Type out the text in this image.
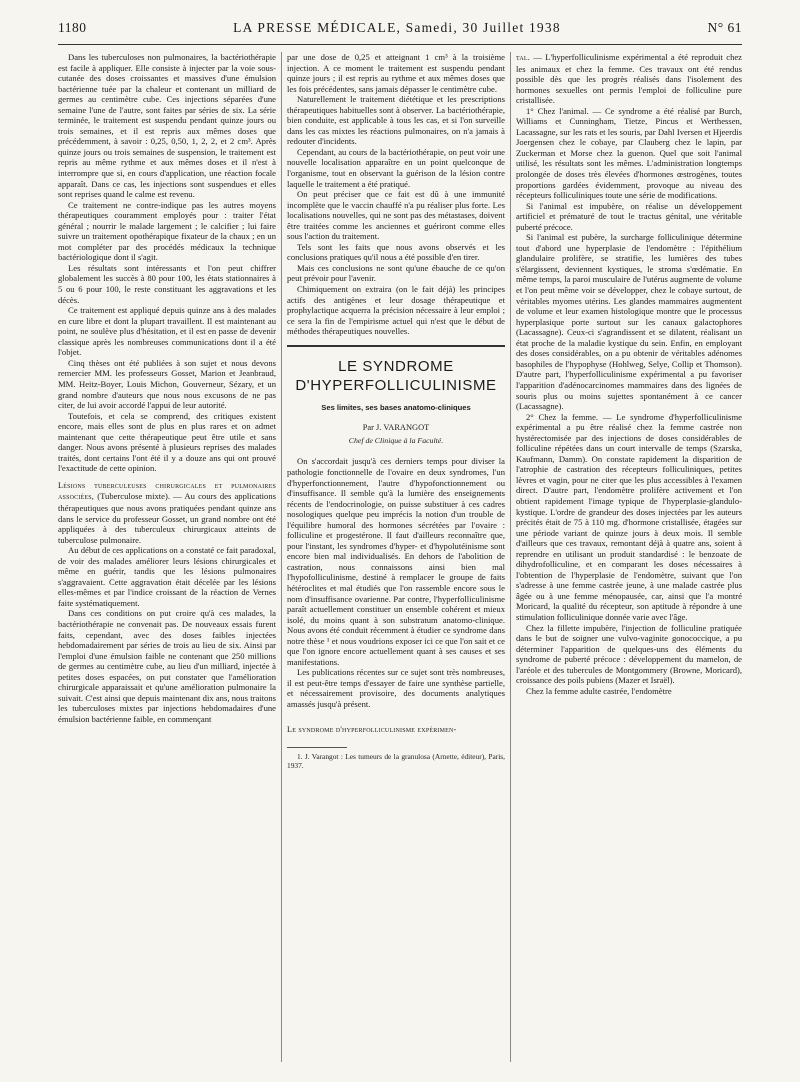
1180	LA PRESSE MÉDICALE, Samedi, 30 Juillet 1938	N° 61

Dans les tuberculoses non pulmonaires, la bactériothérapie est facile à appliquer. Elle consiste à injecter par la voie sous-cutanée des doses croissantes et massives d'une émulsion bactérienne tuée par la chaleur et contenant un milliard de germes au centimètre cube. Ces injections séparées d'une semaine l'une de l'autre, sont faites par séries de six. La série terminée, le traitement est suspendu pendant quinze jours ou trois semaines, et il est repris aux mêmes doses que précédemment, à savoir : 0,25, 0,50, 1, 2, 2, et 2 cm³. Après quinze jours ou trois semaines de suspension, le traitement est repris au même rythme et aux mêmes doses et il n'est à interrompre que si, en cours d'application, une réaction focale apparaît. Dans ce cas, les injections sont suspendues et elles sont reprises quand le calme est revenu.

Ce traitement ne contre-indique pas les autres moyens thérapeutiques couramment employés pour : traiter l'état général ; nourrir le malade largement ; le calcifier ; lui faire suivre un traitement opothérapique fixateur de la chaux ; en un mot compléter par des procédés médicaux la technique bactériologique dont il s'agit.

Les résultats sont intéressants et l'on peut chiffrer globalement les succès à 80 pour 100, les états stationnaires à 5 ou 6 pour 100, le reste constituant les aggravations et les décès.

Ce traitement est appliqué depuis quinze ans à des malades en cure libre et dont la plupart travaillent. Il est maintenant au point, ne soulève plus d'hésitation, et il est en passe de devenir classique après les nombreuses communications dont il a été l'objet.

Cinq thèses ont été publiées à son sujet et nous devons remercier MM. les professeurs Gosset, Marion et Jeanbraud, MM. Heitz-Boyer, Louis Michon, Gouverneur, Sézary, et un grand nombre d'auteurs que nous nous excusons de ne pas citer, de lui avoir accordé l'appui de leur autorité.

Toutefois, et cela se comprend, des critiques existent encore, mais elles sont de plus en plus rares et on admet maintenant que cette thérapeutique peut être utile et sans danger. Nous avons présenté à plusieurs reprises des malades traités, dont certains l'ont été il y a douze ans qui ont prouvé l'exactitude de cette opinion.

Lésions tuberculeuses chirurgicales et pulmonaires associées, (Tuberculose mixte). — Au cours des applications thérapeutiques que nous avons pratiquées pendant quinze ans dans le service du professeur Gosset, un grand nombre ont été appliquées à des tuberculeux chirurgicaux atteints de tuberculose pulmonaire.

Au début de ces applications on a constaté ce fait paradoxal, de voir des malades améliorer leurs lésions chirurgicales et même en guérir, tandis que les lésions pulmonaires s'aggravaient. Cette aggravation était décelée par les lésions elles-mêmes et par l'indice croissant de la réaction de Vernes faite systématiquement.

Dans ces conditions on put croire qu'à ces malades, la bactériothérapie ne convenait pas. De nouveaux essais furent faits, cependant, avec des doses faibles injectées hebdomadairement par séries de trois au lieu de six. Ainsi par l'emploi d'une émulsion faible ne contenant que 250 millions de germes au centimètre cube, au lieu d'un milliard, injectée à petites doses espacées, on put constater que l'amélioration chirurgicale apparaissait et qu'une amélioration pulmonaire la suivait. C'est ainsi que depuis maintenant dix ans, nous traitons les tuberculoses mixtes par injections hebdomadaires d'une émulsion bactérienne faible, en commençant

par une dose de 0,25 et atteignant 1 cm³ à la troisième injection. A ce moment le traitement est suspendu pendant quinze jours ; il est repris au rythme et aux mêmes doses que les fois précédentes, sans jamais dépasser le centimètre cube.

Naturellement le traitement diététique et les prescriptions thérapeutiques habituelles sont à observer. La bactériothérapie, bien conduite, est applicable à tous les cas, et si l'on surveille dans les cas mixtes les réactions pulmonaires, on n'a jamais à redouter d'incidents.

Cependant, au cours de la bactériothérapie, on peut voir une nouvelle localisation apparaître en un point quelconque de l'organisme, tout en observant la guérison de la lésion contre laquelle le traitement a été pratiqué.

On peut préciser que ce fait est dû à une immunité incomplète que le vaccin chauffé n'a pu réaliser plus forte. Les localisations nouvelles, qui ne sont pas des métastases, doivent être traitées comme les anciennes et guériront comme elles sous l'action du traitement.

Tels sont les faits que nous avons observés et les conclusions pratiques qu'il nous a été possible d'en tirer.

Mais ces conclusions ne sont qu'une ébauche de ce qu'on peut prévoir pour l'avenir.

Chimiquement on extraira (on le fait déjà) les principes actifs des antigènes et leur dosage thérapeutique et prophylactique acquerra la précision nécessaire à leur emploi ; ce sera la fin de l'empirisme actuel qui n'est que le début de méthodes thérapeutiques nouvelles.

LE SYNDROME
D'HYPERFOLLICULINISME
Ses limites, ses bases anatomo-cliniques
Par J. VARANGOT
Chef de Clinique à la Faculté.

On s'accordait jusqu'à ces derniers temps pour diviser la pathologie fonctionnelle de l'ovaire en deux syndromes, l'un d'hyperfonctionnement, l'autre d'hypofonctionnement ou d'insuffisance. Il semble qu'à la lumière des enseignements récents de l'endocrinologie, on puisse substituer à ces cadres nosologiques quelque peu imprécis la notion d'un trouble de l'équilibre humoral des hormones sécrétées par l'ovaire : folliculine et progestérone. Il faut d'ailleurs reconnaître que, pour l'instant, les syndromes d'hyper- et d'hypolutéinisme sont encore bien mal individualisés. En dehors de l'abolition de castration, nous connaissons ainsi bien mal l'hypofolliculinisme, destiné à remplacer le groupe de faits hétéroclites et mal étudiés que l'on rassemble encore sous le nom d'insuffisance ovarienne. Par contre, l'hyperfolliculinisme paraît actuellement constituer un ensemble cohérent et mieux isolé, du moins quant à son substratum anatomo-clinique. Nous avons été conduit récemment à étudier ce syndrome dans notre thèse ¹ et nous voudrions exposer ici ce que l'on sait et ce que l'on ignore encore actuellement quant à ses causes et ses manifestations.

Les publications récentes sur ce sujet sont très nombreuses, il est peut-être temps d'essayer de faire une synthèse partielle, et nécessairement provisoire, des documents analytiques amassés jusqu'à présent.

Le syndrome d'hyperfolliculinisme expérimen-

1. J. Varangot : Les tumeurs de la granulosa (Arnette, éditeur), Paris, 1937.

tal. — L'hyperfolliculinisme expérimental a été reproduit chez les animaux et chez la femme. Ces travaux ont été rendus possible dès que les progrès réalisés dans l'isolement des hormones sexuelles ont permis l'emploi de folliculine pure cristallisée.

1° Chez l'animal. — Ce syndrome a été réalisé par Burch, Williams et Cunningham, Tietze, Pincus et Werthessen, Lacassagne, sur les rats et les souris, par Dahl Iversen et Hjeerdis Joergensen chez le cobaye, par Clauberg chez le lapin, par Zuckerman et Morse chez la guenon. Quel que soit l'animal utilisé, les résultats sont les mêmes. L'administration longtemps prolongée de doses très élevées d'hormones œstrogènes, toutes proportions gardées évidemment, provoque au niveau des récepteurs folliculiniques toute une série de modifications.

Si l'animal est impubère, on réalise un développement artificiel et prématuré de tout le tractus génital, une véritable puberté précoce.

Si l'animal est pubère, la surcharge folliculinique détermine tout d'abord une hyperplasie de l'endomètre : l'épithélium glandulaire prolifère, se stratifie, les lumières des tubes s'élargissent, deviennent kystiques, le stroma s'œdématie. En même temps, la paroi musculaire de l'utérus augmente de volume et l'on peut même voir se développer, chez le cobaye surtout, de véritables myomes utérins. Les glandes mammaires augmentent de volume et leur examen histologique montre que le processus hyperplasique porte surtout sur les canaux galactophores (Lacassagne). Ceux-ci s'agrandissent et se dilatent, réalisant un état proche de la maladie kystique du sein. Enfin, en employant des doses considérables, on a pu obtenir de véritables adénomes basophiles de l'hypophyse (Hohlweg, Selye, Collip et Thomson). D'autre part, l'hyperfolliculinisme expérimental a pu favoriser l'apparition d'adénocarcinomes mammaires dans des lignées de souris plus ou moins sujettes spontanément à ce cancer (Lacassagne).

2° Chez la femme. — Le syndrome d'hyperfolliculinisme expérimental a pu être réalisé chez la femme castrée non hystérectomisée par des injections de doses considérables de folliculine répétées dans un court intervalle de temps (Szarska, Kaufmann, Damm). On constate rapidement la disparition de l'atrophie de castration des récepteurs folliculiniques, petites lèvres et vagin, pour ne citer que les plus accessibles à l'examen direct. D'autre part, l'endomètre prolifère activement et l'on obtient rapidement l'image typique de l'hyperplasie-glandulo-kystique. L'ordre de grandeur des doses injectées par les auteurs précités était de 75 à 110 mg. d'hormone cristallisée, étagées sur une période variant de quinze jours à deux mois. Il semble d'ailleurs que ces travaux, remontant déjà à quatre ans, soient à reprendre en utilisant un produit standardisé : le benzoate de dihydrofolliculine, et en comparant les doses nécessaires à l'obtention de l'hyperplasie de l'endomètre, suivant que l'on s'adresse à une femme castrée jeune, à une malade castrée plus âgée ou à une femme ménopausée, car, ainsi que l'a montré Moricard, la qualité du récepteur, son aptitude à répondre à une stimulation folliculinique donnée varie avec l'âge.

Chez la fillette impubère, l'injection de folliculine pratiquée dans le but de soigner une vulvo-vaginite gonococcique, a pu déterminer l'apparition de quelques-uns des éléments du syndrome de puberté précoce : développement du mamelon, de l'aréole et des tubercules de Montgommery (Browne, Moricard), croissance des poils pubiens (Mazer et Israël).

Chez la femme adulte castrée, l'endomètre
